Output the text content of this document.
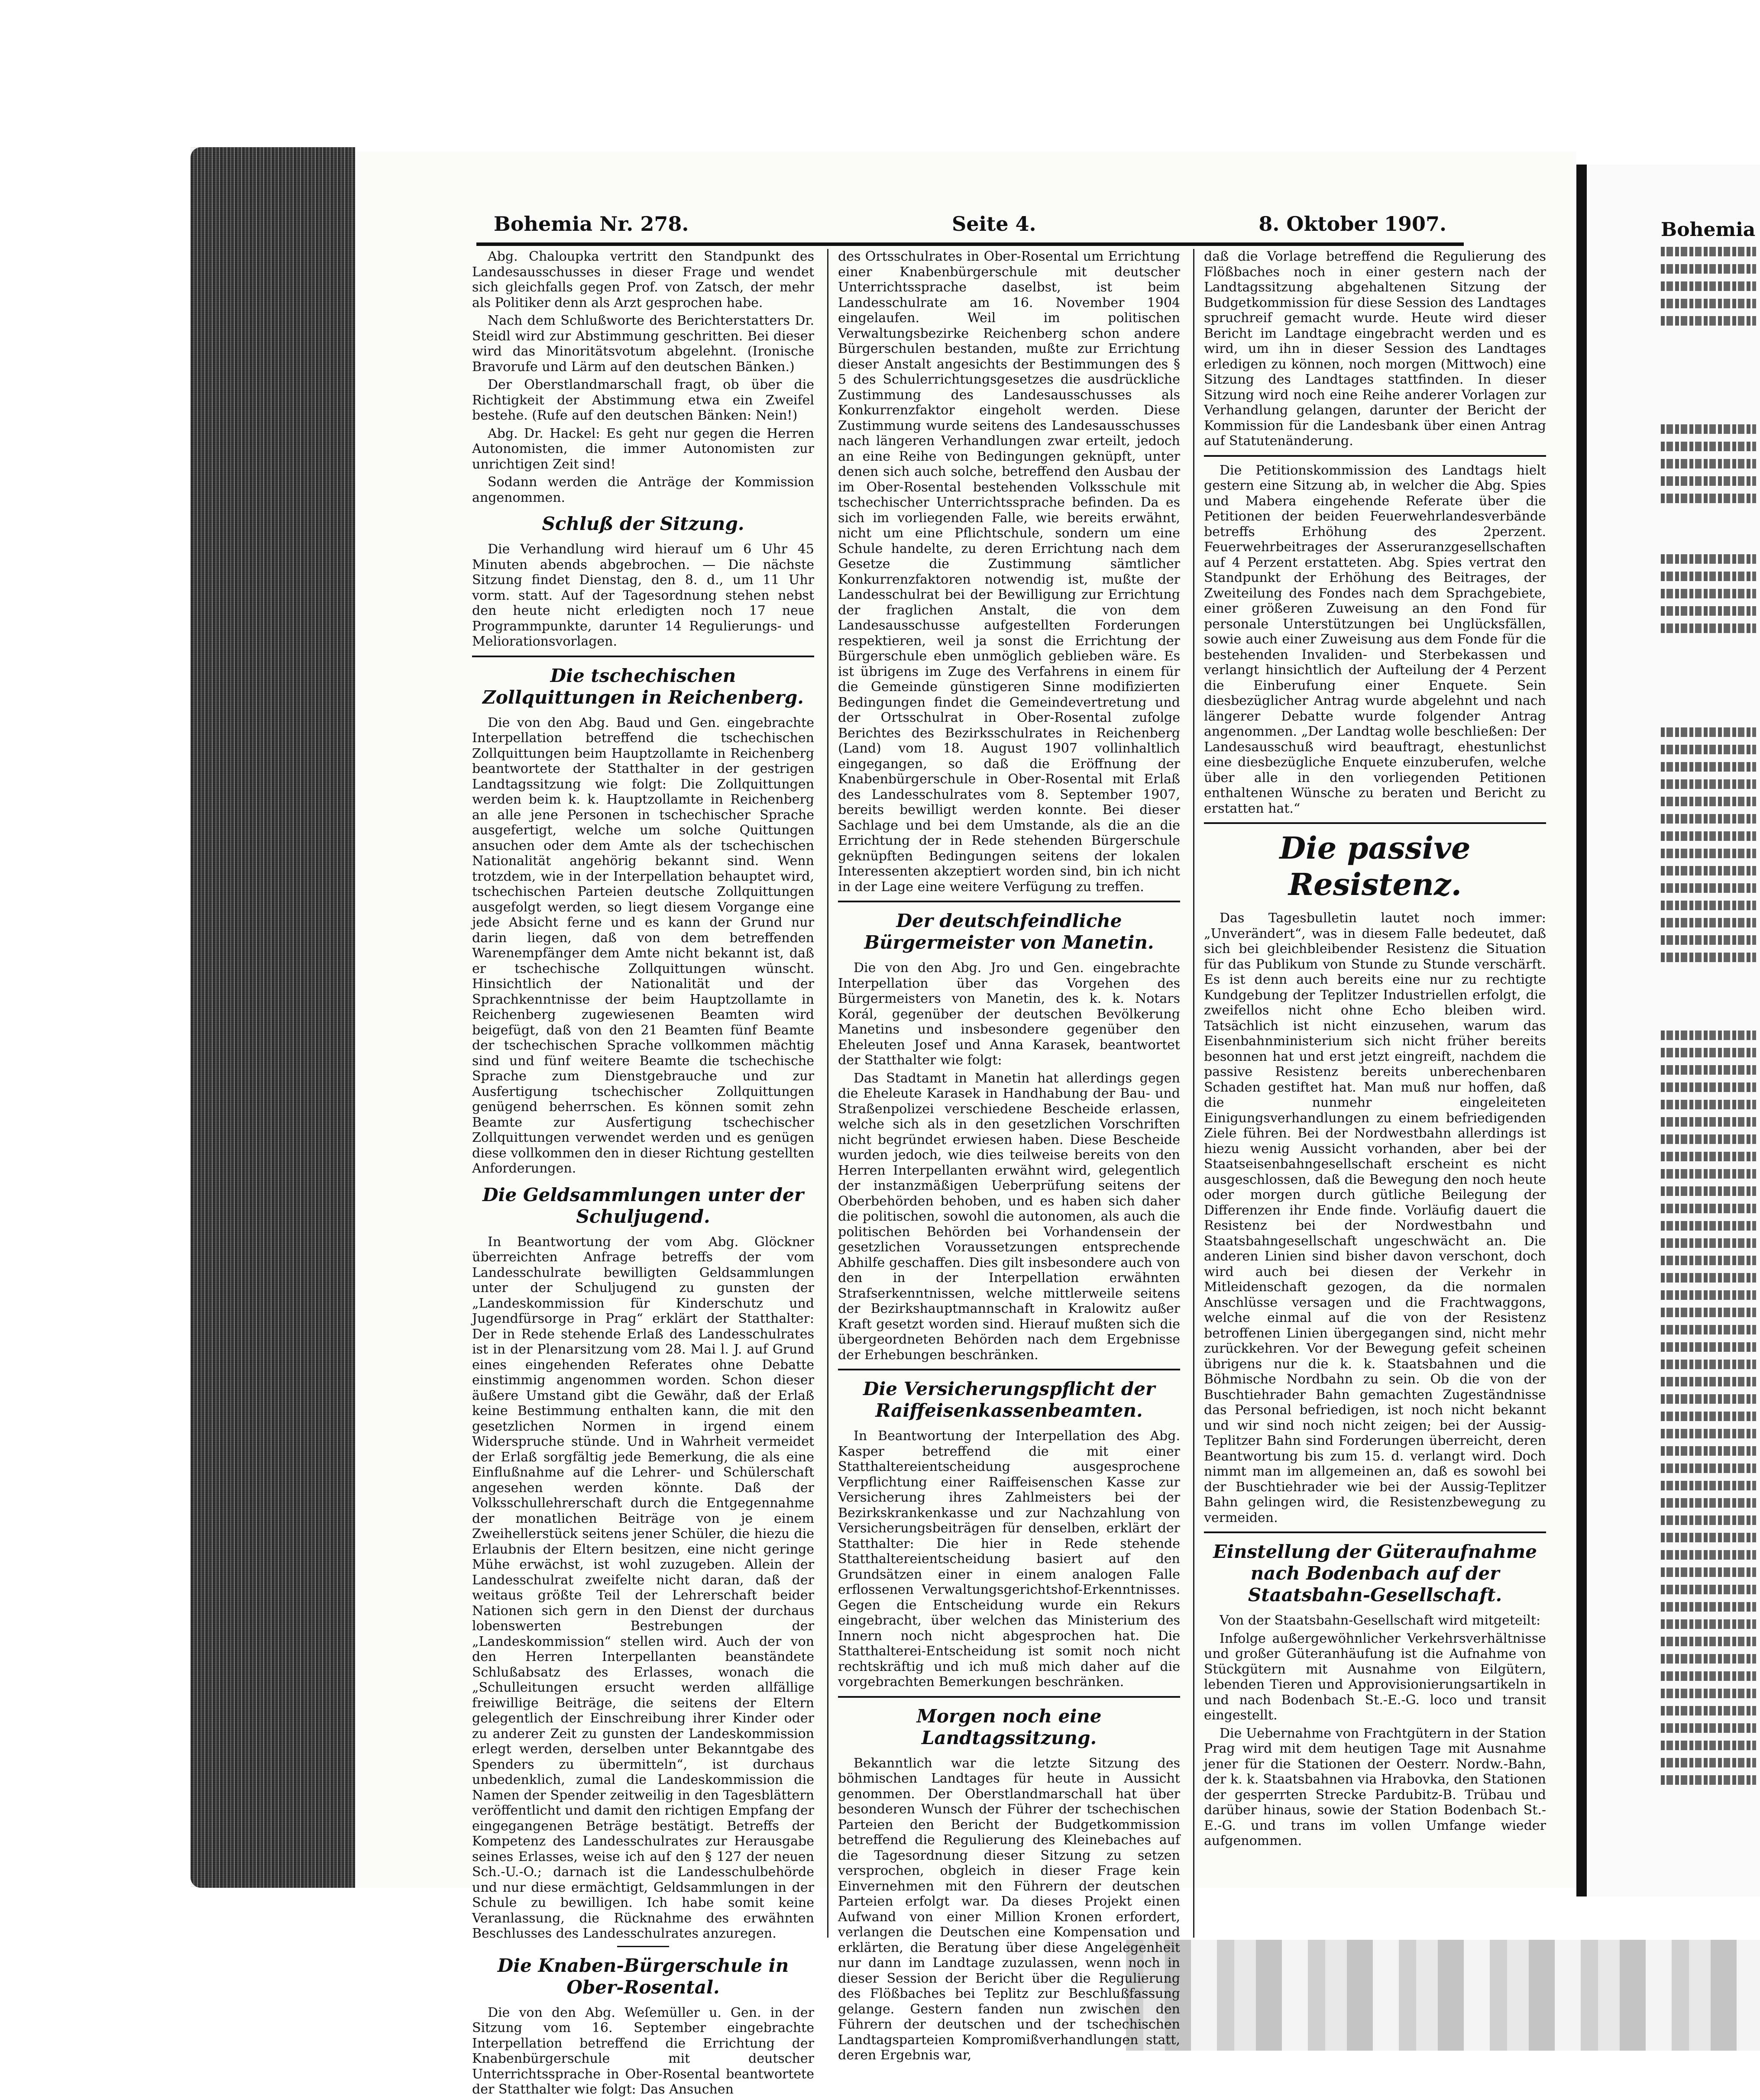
Bohemia
Bohemia Nr. 278.	Seite 4.	8. Oktober 1907.

Abg. Chaloupka vertritt den Standpunkt des Landesausschusses in dieser Frage und wendet sich gleichfalls gegen Prof. von Zatsch, der mehr als Politiker denn als Arzt gesprochen habe.

Nach dem Schlußworte des Berichterstatters Dr. Steidl wird zur Abstimmung geschritten. Bei dieser wird das Minoritätsvotum abgelehnt. (Ironische Bravorufe und Lärm auf den deutschen Bänken.)

Der Oberstlandmarschall fragt, ob über die Richtigkeit der Abstimmung etwa ein Zweifel bestehe. (Rufe auf den deutschen Bänken: Nein!)

Abg. Dr. Hackel: Es geht nur gegen die Herren Autonomisten, die immer Autonomisten zur unrichtigen Zeit sind!

Sodann werden die Anträge der Kommission angenommen.

Schluß der Sitzung.

Die Verhandlung wird hierauf um 6 Uhr 45 Minuten abends abgebrochen. — Die nächste Sitzung findet Dienstag, den 8. d., um 11 Uhr vorm. statt. Auf der Tagesordnung stehen nebst den heute nicht erledigten noch 17 neue Programmpunkte, darunter 14 Regulierungs- und Meliorationsvorlagen.

Die tschechischen Zollquittungen in Reichenberg.

Die von den Abg. Baud und Gen. eingebrachte Interpellation betreffend die tschechischen Zollquittungen beim Hauptzollamte in Reichenberg beantwortete der Statthalter in der gestrigen Landtagssitzung wie folgt: Die Zollquittungen werden beim k. k. Hauptzollamte in Reichenberg an alle jene Personen in tschechischer Sprache ausgefertigt, welche um solche Quittungen ansuchen oder dem Amte als der tschechischen Nationalität angehörig bekannt sind. Wenn trotzdem, wie in der Interpellation behauptet wird, tschechischen Parteien deutsche Zollquittungen ausgefolgt werden, so liegt diesem Vorgange eine jede Absicht ferne und es kann der Grund nur darin liegen, daß von dem betreffenden Warenempfänger dem Amte nicht bekannt ist, daß er tschechische Zollquittungen wünscht. Hinsichtlich der Nationalität und der Sprachkenntnisse der beim Hauptzollamte in Reichenberg zugewiesenen Beamten wird beigefügt, daß von den 21 Beamten fünf Beamte der tschechischen Sprache vollkommen mächtig sind und fünf weitere Beamte die tschechische Sprache zum Dienstgebrauche und zur Ausfertigung tschechischer Zollquittungen genügend beherrschen. Es können somit zehn Beamte zur Ausfertigung tschechischer Zollquittungen verwendet werden und es genügen diese vollkommen den in dieser Richtung gestellten Anforderungen.

Die Geldsammlungen unter der Schuljugend.

In Beantwortung der vom Abg. Glöckner überreichten Anfrage betreffs der vom Landesschulrate bewilligten Geldsammlungen unter der Schuljugend zu gunsten der „Landeskommission für Kinderschutz und Jugendfürsorge in Prag“ erklärt der Statthalter: Der in Rede stehende Erlaß des Landesschulrates ist in der Plenarsitzung vom 28. Mai l. J. auf Grund eines eingehenden Referates ohne Debatte einstimmig angenommen worden. Schon dieser äußere Umstand gibt die Gewähr, daß der Erlaß keine Bestimmung enthalten kann, die mit den gesetzlichen Normen in irgend einem Widerspruche stünde. Und in Wahrheit vermeidet der Erlaß sorgfältig jede Bemerkung, die als eine Einflußnahme auf die Lehrer- und Schülerschaft angesehen werden könnte. Daß der Volksschullehrerschaft durch die Entgegennahme der monatlichen Beiträge von je einem Zweihellerstück seitens jener Schüler, die hiezu die Erlaubnis der Eltern besitzen, eine nicht geringe Mühe erwächst, ist wohl zuzugeben. Allein der Landesschulrat zweifelte nicht daran, daß der weitaus größte Teil der Lehrerschaft beider Nationen sich gern in den Dienst der durchaus lobenswerten Bestrebungen der „Landeskommission“ stellen wird. Auch der von den Herren Interpellanten beanständete Schlußabsatz des Erlasses, wonach die „Schulleitungen ersucht werden allfällige freiwillige Beiträge, die seitens der Eltern gelegentlich der Einschreibung ihrer Kinder oder zu anderer Zeit zu gunsten der Landeskommission erlegt werden, derselben unter Bekanntgabe des Spenders zu übermitteln“, ist durchaus unbedenklich, zumal die Landeskommission die Namen der Spender zeitweilig in den Tagesblättern veröffentlicht und damit den richtigen Empfang der eingegangenen Beträge bestätigt. Betreffs der Kompetenz des Landesschulrates zur Herausgabe seines Erlasses, weise ich auf den § 127 der neuen Sch.-U.-O.; darnach ist die Landesschulbehörde und nur diese ermächtigt, Geldsammlungen in der Schule zu bewilligen. Ich habe somit keine Veranlassung, die Rücknahme des erwähnten Beschlusses des Landesschulrates anzuregen.

Die Knaben-Bürgerschule in Ober-Rosental.

Die von den Abg. Weſemüller u. Gen. in der Sitzung vom 16. September eingebrachte Interpellation betreffend die Errichtung der Knabenbürgerschule mit deutscher Unterrichtssprache in Ober-Rosental beantwortete der Statthalter wie folgt: Das Ansuchen

des Ortsschulrates in Ober-Rosental um Errichtung einer Knabenbürgerschule mit deutscher Unterrichtssprache daselbst, ist beim Landesschulrate am 16. November 1904 eingelaufen. Weil im politischen Verwaltungsbezirke Reichenberg schon andere Bürgerschulen bestanden, mußte zur Errichtung dieser Anstalt angesichts der Bestimmungen des § 5 des Schulerrichtungsgesetzes die ausdrückliche Zustimmung des Landesausschusses als Konkurrenzfaktor eingeholt werden. Diese Zustimmung wurde seitens des Landesausschusses nach längeren Verhandlungen zwar erteilt, jedoch an eine Reihe von Bedingungen geknüpft, unter denen sich auch solche, betreffend den Ausbau der im Ober-Rosental bestehenden Volksschule mit tschechischer Unterrichtssprache befinden. Da es sich im vorliegenden Falle, wie bereits erwähnt, nicht um eine Pflichtschule, sondern um eine Schule handelte, zu deren Errichtung nach dem Gesetze die Zustimmung sämtlicher Konkurrenzfaktoren notwendig ist, mußte der Landesschulrat bei der Bewilligung zur Errichtung der fraglichen Anstalt, die von dem Landesausschusse aufgestellten Forderungen respektieren, weil ja sonst die Errichtung der Bürgerschule eben unmöglich geblieben wäre. Es ist übrigens im Zuge des Verfahrens in einem für die Gemeinde günstigeren Sinne modifizierten Bedingungen findet die Gemeindevertretung und der Ortsschulrat in Ober-Rosental zufolge Berichtes des Bezirksschulrates in Reichenberg (Land) vom 18. August 1907 vollinhaltlich eingegangen, so daß die Eröffnung der Knabenbürgerschule in Ober-Rosental mit Erlaß des Landesschulrates vom 8. September 1907, bereits bewilligt werden konnte. Bei dieser Sachlage und bei dem Umstande, als die an die Errichtung der in Rede stehenden Bürgerschule geknüpften Bedingungen seitens der lokalen Interessenten akzeptiert worden sind, bin ich nicht in der Lage eine weitere Verfügung zu treffen.

Der deutschfeindliche Bürgermeister von Manetin.

Die von den Abg. Jro und Gen. eingebrachte Interpellation über das Vorgehen des Bürgermeisters von Manetin, des k. k. Notars Korál, gegenüber der deutschen Bevölkerung Manetins und insbesondere gegenüber den Eheleuten Josef und Anna Karasek, beantwortet der Statthalter wie folgt:

Das Stadtamt in Manetin hat allerdings gegen die Eheleute Karasek in Handhabung der Bau- und Straßenpolizei verschiedene Bescheide erlassen, welche sich als in den gesetzlichen Vorschriften nicht begründet erwiesen haben. Diese Bescheide wurden jedoch, wie dies teilweise bereits von den Herren Interpellanten erwähnt wird, gelegentlich der instanzmäßigen Ueberprüfung seitens der Oberbehörden behoben, und es haben sich daher die politischen, sowohl die autonomen, als auch die politischen Behörden bei Vorhandensein der gesetzlichen Voraussetzungen entsprechende Abhilfe geschaffen. Dies gilt insbesondere auch von den in der Interpellation erwähnten Strafserkenntnissen, welche mittlerweile seitens der Bezirkshauptmannschaft in Kralowitz außer Kraft gesetzt worden sind. Hierauf mußten sich die übergeordneten Behörden nach dem Ergebnisse der Erhebungen beschränken.

Die Versicherungspflicht der Raiffeisenkassenbeamten.

In Beantwortung der Interpellation des Abg. Kasper betreffend die mit einer Statthaltereientscheidung ausgesprochene Verpflichtung einer Raiffeisenschen Kasse zur Versicherung ihres Zahlmeisters bei der Bezirkskrankenkasse und zur Nachzahlung von Versicherungsbeiträgen für denselben, erklärt der Statthalter: Die hier in Rede stehende Statthaltereientscheidung basiert auf den Grundsätzen einer in einem analogen Falle erflossenen Verwaltungsgerichtshof-Erkenntnisses. Gegen die Entscheidung wurde ein Rekurs eingebracht, über welchen das Ministerium des Innern noch nicht abgesprochen hat. Die Statthalterei-Entscheidung ist somit noch nicht rechtskräftig und ich muß mich daher auf die vorgebrachten Bemerkungen beschränken.

Morgen noch eine Landtagssitzung.

Bekanntlich war die letzte Sitzung des böhmischen Landtages für heute in Aussicht genommen. Der Oberstlandmarschall hat über besonderen Wunsch der Führer der tschechischen Parteien den Bericht der Budgetkommission betreffend die Regulierung des Kleinebaches auf die Tagesordnung dieser Sitzung zu setzen versprochen, obgleich in dieser Frage kein Einvernehmen mit den Führern der deutschen Parteien erfolgt war. Da dieses Projekt einen Aufwand von einer Million Kronen erfordert, verlangen die Deutschen eine Kompensation und erklärten, die Beratung über diese Angelegenheit nur dann im Landtage zuzulassen, wenn noch in dieser Session der Bericht über die Regulierung des Flößbaches bei Teplitz zur Beschlußfassung gelange. Gestern fanden nun zwischen den Führern der deutschen und der tschechischen Landtagsparteien Kompromißverhandlungen statt, deren Ergebnis war,

daß die Vorlage betreffend die Regulierung des Flößbaches noch in einer gestern nach der Landtagssitzung abgehaltenen Sitzung der Budgetkommission für diese Session des Landtages spruchreif gemacht wurde. Heute wird dieser Bericht im Landtage eingebracht werden und es wird, um ihn in dieser Session des Landtages erledigen zu können, noch morgen (Mittwoch) eine Sitzung des Landtages stattfinden. In dieser Sitzung wird noch eine Reihe anderer Vorlagen zur Verhandlung gelangen, darunter der Bericht der Kommission für die Landesbank über einen Antrag auf Statutenänderung.

Die Petitionskommission des Landtags hielt gestern eine Sitzung ab, in welcher die Abg. Spies und Mabera eingehende Referate über die Petitionen der beiden Feuerwehrlandesverbände betreffs Erhöhung des 2perzent. Feuerwehrbeitrages der Asseruranzgesellschaften auf 4 Perzent erstatteten. Abg. Spies vertrat den Standpunkt der Erhöhung des Beitrages, der Zweiteilung des Fondes nach dem Sprachgebiete, einer größeren Zuweisung an den Fond für personale Unterstützungen bei Unglücksfällen, sowie auch einer Zuweisung aus dem Fonde für die bestehenden Invaliden- und Sterbekassen und verlangt hinsichtlich der Aufteilung der 4 Perzent die Einberufung einer Enquete. Sein diesbezüglicher Antrag wurde abgelehnt und nach längerer Debatte wurde folgender Antrag angenommen. „Der Landtag wolle beschließen: Der Landesausschuß wird beauftragt, ehestunlichst eine diesbezügliche Enquete einzuberufen, welche über alle in den vorliegenden Petitionen enthaltenen Wünsche zu beraten und Bericht zu erstatten hat.“

Die passive Resistenz.

Das Tagesbulletin lautet noch immer: „Unverändert“, was in diesem Falle bedeutet, daß sich bei gleichbleibender Resistenz die Situation für das Publikum von Stunde zu Stunde verschärft. Es ist denn auch bereits eine nur zu rechtigte Kundgebung der Teplitzer Industriellen erfolgt, die zweifellos nicht ohne Echo bleiben wird. Tatsächlich ist nicht einzusehen, warum das Eisenbahnministerium sich nicht früher bereits besonnen hat und erst jetzt eingreift, nachdem die passive Resistenz bereits unberechenbaren Schaden gestiftet hat. Man muß nur hoffen, daß die nunmehr eingeleiteten Einigungsverhandlungen zu einem befriedigenden Ziele führen. Bei der Nordwestbahn allerdings ist hiezu wenig Aussicht vorhanden, aber bei der Staatseisenbahngesellschaft erscheint es nicht ausgeschlossen, daß die Bewegung den noch heute oder morgen durch gütliche Beilegung der Differenzen ihr Ende finde. Vorläufig dauert die Resistenz bei der Nordwestbahn und Staatsbahngesellschaft ungeschwächt an. Die anderen Linien sind bisher davon verschont, doch wird auch bei diesen der Verkehr in Mitleidenschaft gezogen, da die normalen Anschlüsse versagen und die Frachtwaggons, welche einmal auf die von der Resistenz betroffenen Linien übergegangen sind, nicht mehr zurückkehren. Vor der Bewegung gefeit scheinen übrigens nur die k. k. Staatsbahnen und die Böhmische Nordbahn zu sein. Ob die von der Buschtiehrader Bahn gemachten Zugeständnisse das Personal befriedigen, ist noch nicht bekannt und wir sind noch nicht zeigen; bei der Aussig-Teplitzer Bahn sind Forderungen überreicht, deren Beantwortung bis zum 15. d. verlangt wird. Doch nimmt man im allgemeinen an, daß es sowohl bei der Buschtiehrader wie bei der Aussig-Teplitzer Bahn gelingen wird, die Resistenzbewegung zu vermeiden.

Einstellung der Güteraufnahme nach Bodenbach auf der Staatsbahn-Gesellschaft.

Von der Staatsbahn-Gesellschaft wird mitgeteilt:

Infolge außergewöhnlicher Verkehrsverhältnisse und großer Güteranhäufung ist die Aufnahme von Stückgütern mit Ausnahme von Eilgütern, lebenden Tieren und Approvisionierungsartikeln in und nach Bodenbach St.-E.-G. loco und transit eingestellt.

Die Uebernahme von Frachtgütern in der Station Prag wird mit dem heutigen Tage mit Ausnahme jener für die Stationen der Oesterr. Nordw.-Bahn, der k. k. Staatsbahnen via Hrabovka, den Stationen der gesperrten Strecke Pardubitz-B. Trübau und darüber hinaus, sowie der Station Bodenbach St.-E.-G. und trans im vollen Umfange wieder aufgenommen.
